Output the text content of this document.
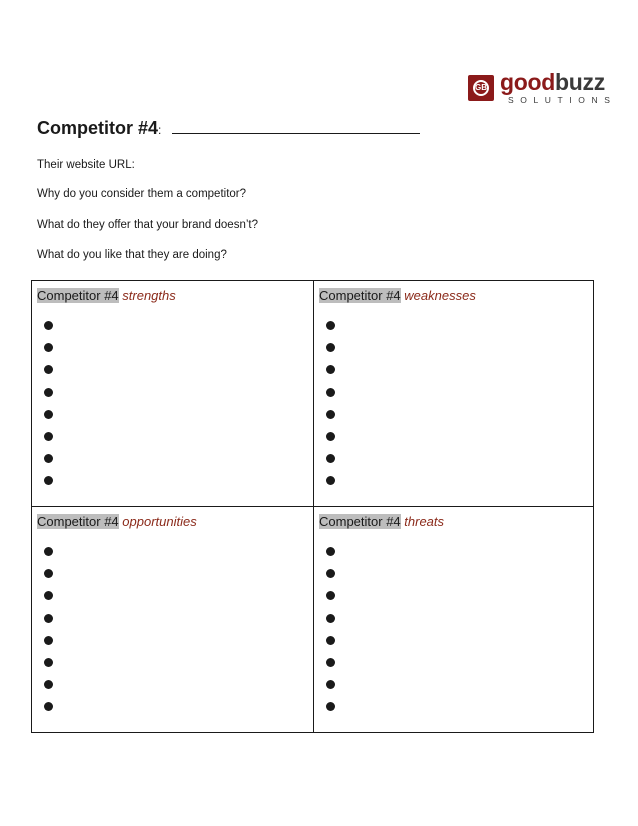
GB goodbuzz
SOLUTIONS
Competitor #4:
Their website URL:
Why do you consider them a competitor?
What do they offer that your brand doesn’t?
What do you like that they are doing?
Competitor #4 strengths	Competitor #4 weaknesses
Competitor #4 opportunities	Competitor #4 threats
